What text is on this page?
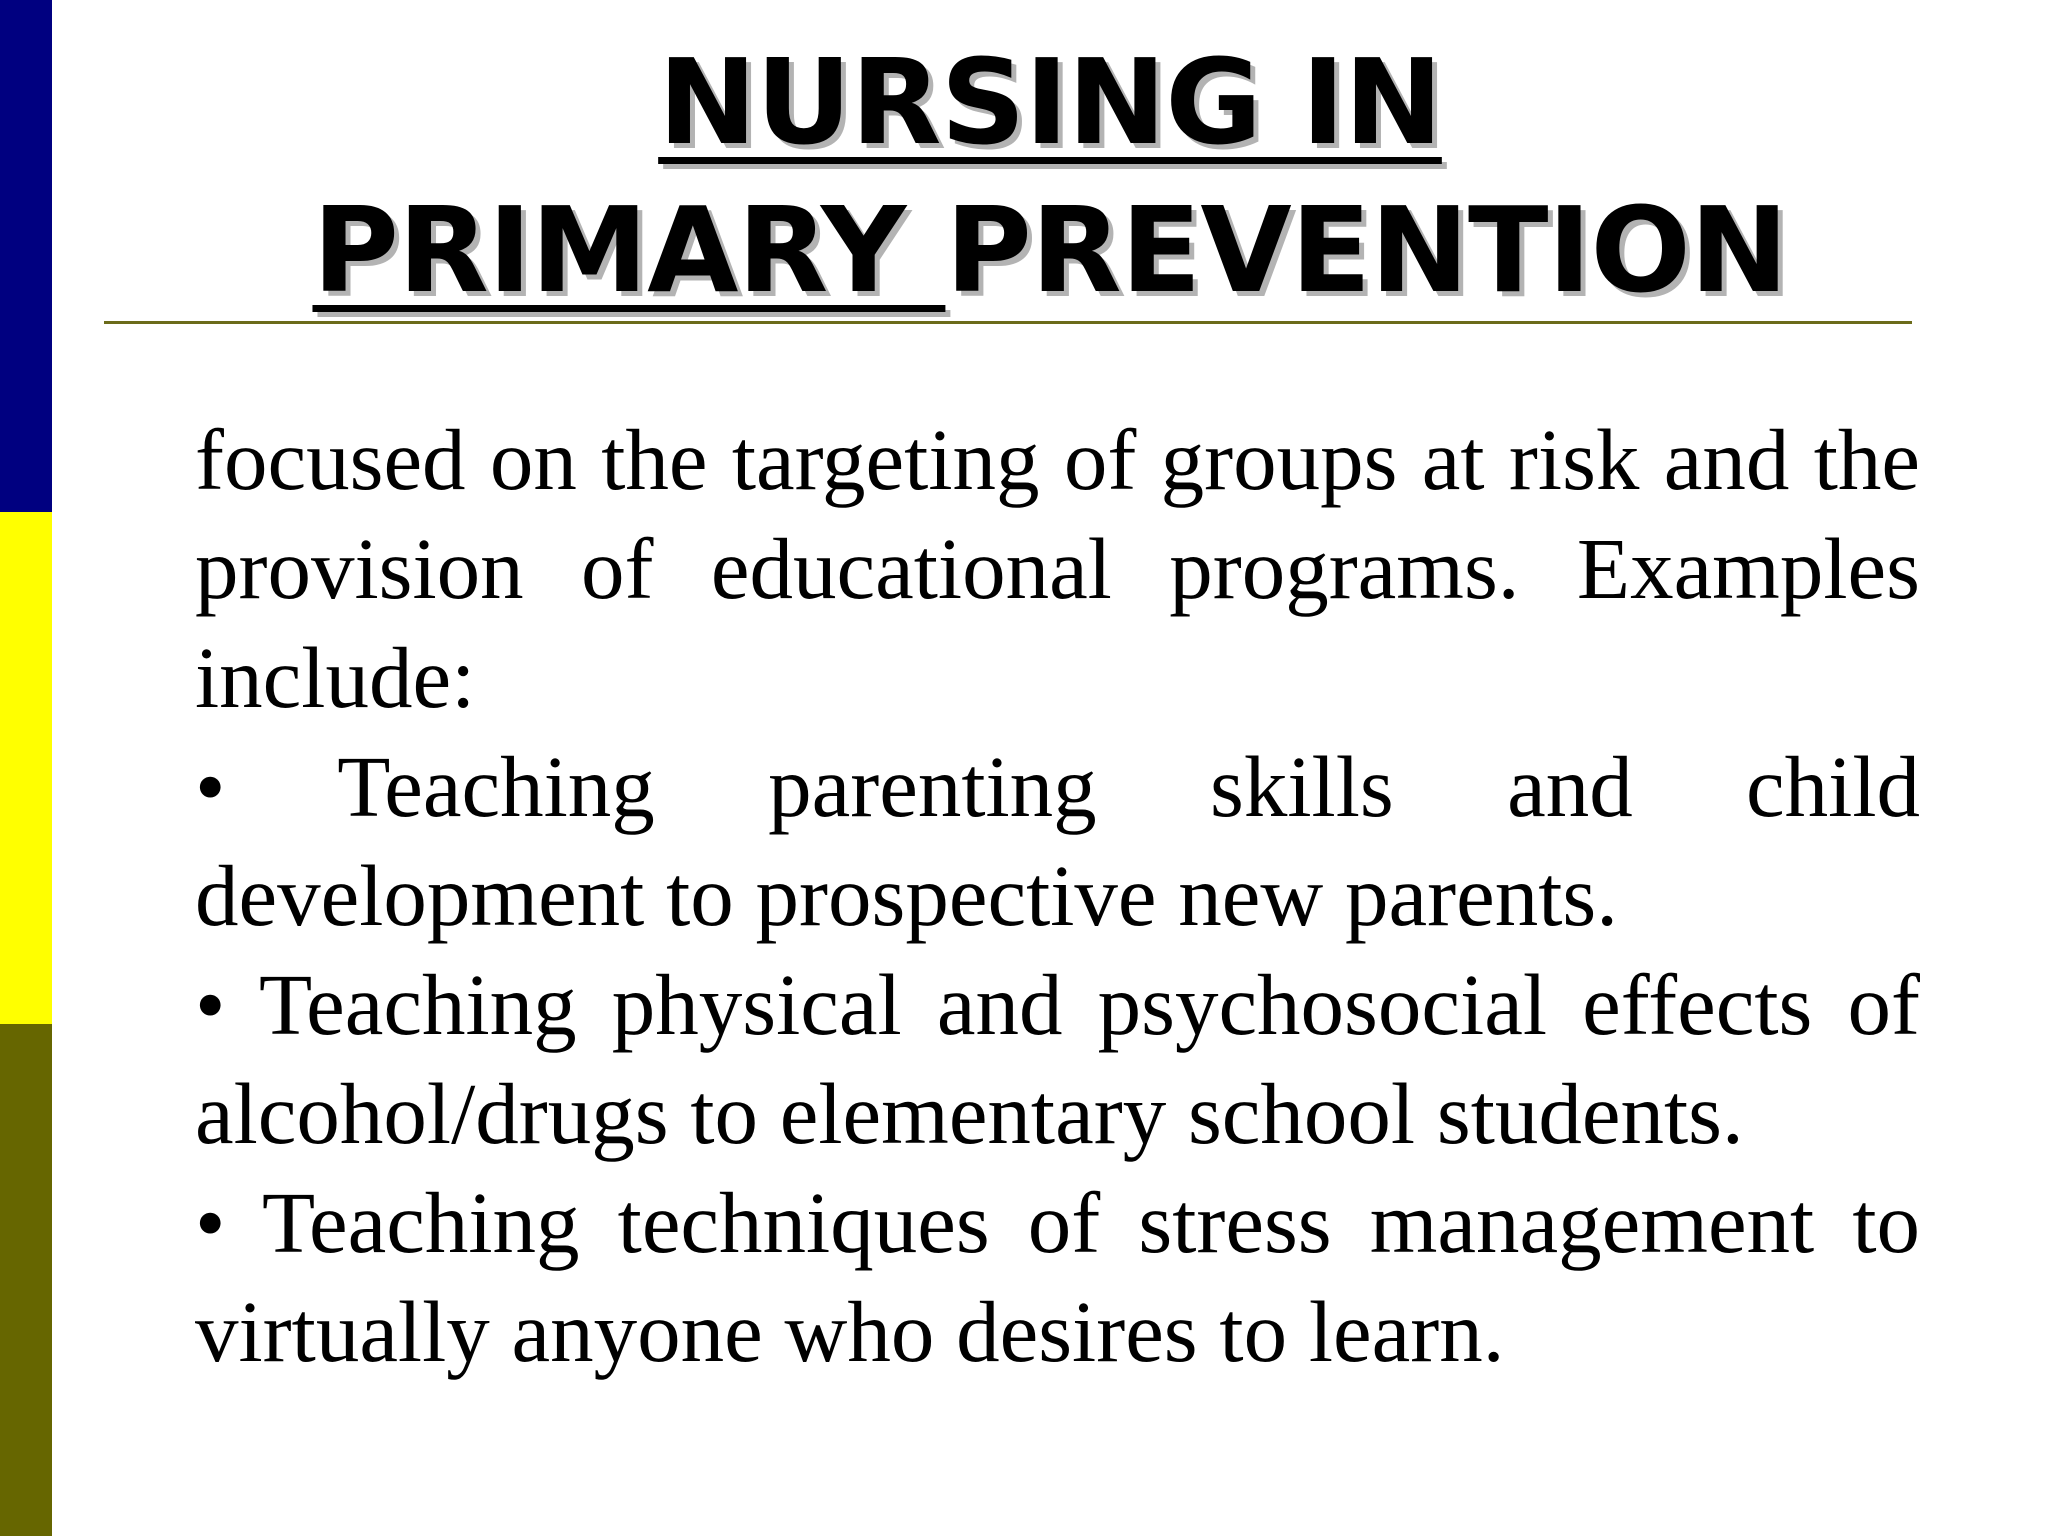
NURSING IN
PRIMARY PREVENTION

focused on the targeting of groups at risk and the provision of educational programs. Examples include:

• Teaching parenting skills and child development to prospective new parents.

• Teaching physical and psychosocial effects of alcohol/drugs to elementary school students.

• Teaching techniques of stress management to virtually anyone who desires to learn.
